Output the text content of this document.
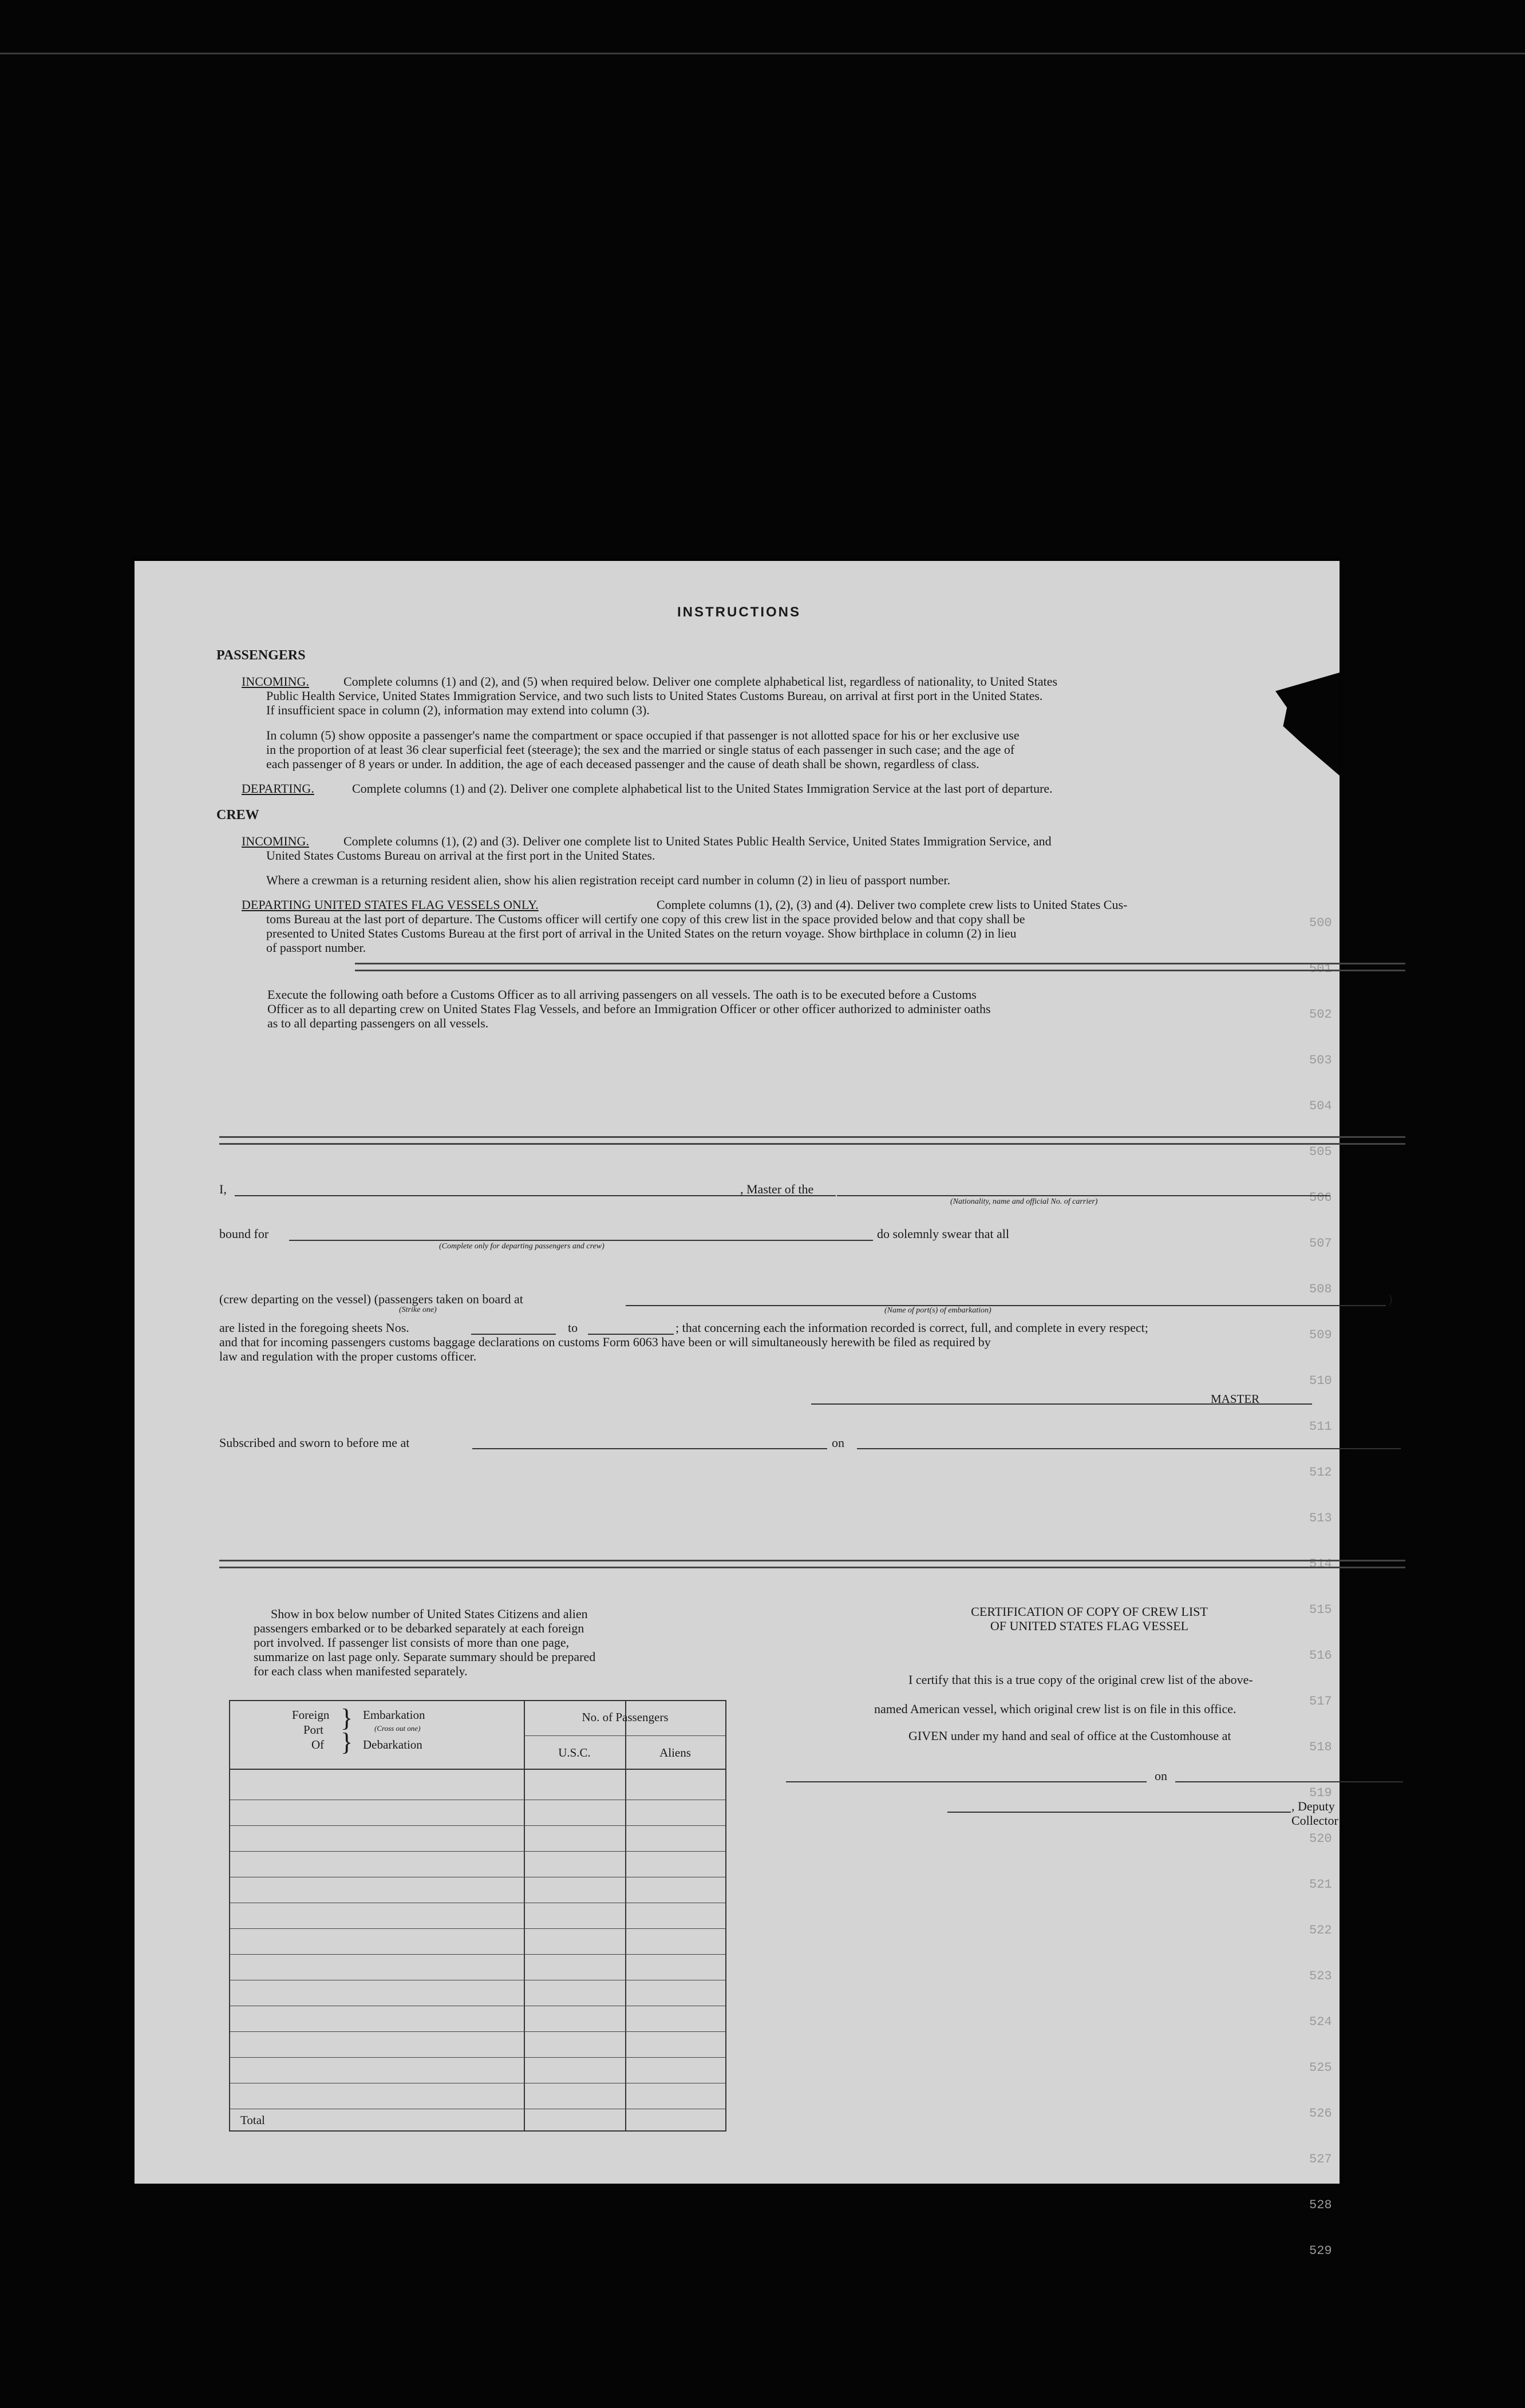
500
501
502
503
504
505
506
507
508
509
510
511
512
513
514
515
516
517
518
519
520
521
522
523
524
525
526
527
528
529
INSTRUCTIONS
PASSENGERS
INCOMING.	Complete columns (1) and (2), and (5) when required below. Deliver one complete alphabetical list, regardless of nationality, to United States
Public Health Service, United States Immigration Service, and two such lists to United States Customs Bureau, on arrival at first port in the United States.
If insufficient space in column (2), information may extend into column (3).
In column (5) show opposite a passenger's name the compartment or space occupied if that passenger is not allotted space for his or her exclusive use
in the proportion of at least 36 clear superficial feet (steerage); the sex and the married or single status of each passenger in such case; and the age of
each passenger of 8 years or under. In addition, the age of each deceased passenger and the cause of death shall be shown, regardless of class.
DEPARTING.	Complete columns (1) and (2). Deliver one complete alphabetical list to the United States Immigration Service at the last port of departure.
CREW
INCOMING.	Complete columns (1), (2) and (3). Deliver one complete list to United States Public Health Service, United States Immigration Service, and
United States Customs Bureau on arrival at the first port in the United States.
Where a crewman is a returning resident alien, show his alien registration receipt card number in column (2) in lieu of passport number.
DEPARTING UNITED STATES FLAG VESSELS ONLY.	Complete columns (1), (2), (3) and (4). Deliver two complete crew lists to United States Cus-
toms Bureau at the last port of departure. The Customs officer will certify one copy of this crew list in the space provided below and that copy shall be
presented to United States Customs Bureau at the first port of arrival in the United States on the return voyage. Show birthplace in column (2) in lieu
of passport number.
Execute the following oath before a Customs Officer as to all arriving passengers on all vessels. The oath is to be executed before a Customs
Officer as to all departing crew on United States Flag Vessels, and before an Immigration Officer or other officer authorized to administer oaths
as to all departing passengers on all vessels.
I,	, Master of the
(Nationality, name and official No. of carrier)
bound for
(Complete only for departing passengers and crew)
do solemnly swear that all
(crew departing on the vessel) (passengers taken on board at
(Strike one)	(Name of port(s) of embarkation)
)
are listed in the foregoing sheets Nos.	to	; that concerning each the information recorded is correct, full, and complete in every respect;
and that for incoming passengers customs baggage declarations on customs Form 6063 have been or will simultaneously herewith be filed as required by
law and regulation with the proper customs officer.
MASTER
Subscribed and sworn to before me at	on
Show in box below number of United States Citizens and alien
passengers embarked or to be debarked separately at each foreign
port involved. If passenger list consists of more than one page,
summarize on last page only. Separate summary should be prepared
for each class when manifested separately.
CERTIFICATION OF COPY OF CREW LIST
OF UNITED STATES FLAG VESSEL
I certify that this is a true copy of the original crew list of the above-
named American vessel, which original crew list is on file in this office.
GIVEN under my hand and seal of office at the Customhouse at
on
, Deputy Collector
Foreign
Port
Of
}
}
Embarkation
(Cross out one)
Debarkation
No. of Passengers
U.S.C.	Aliens
Total
